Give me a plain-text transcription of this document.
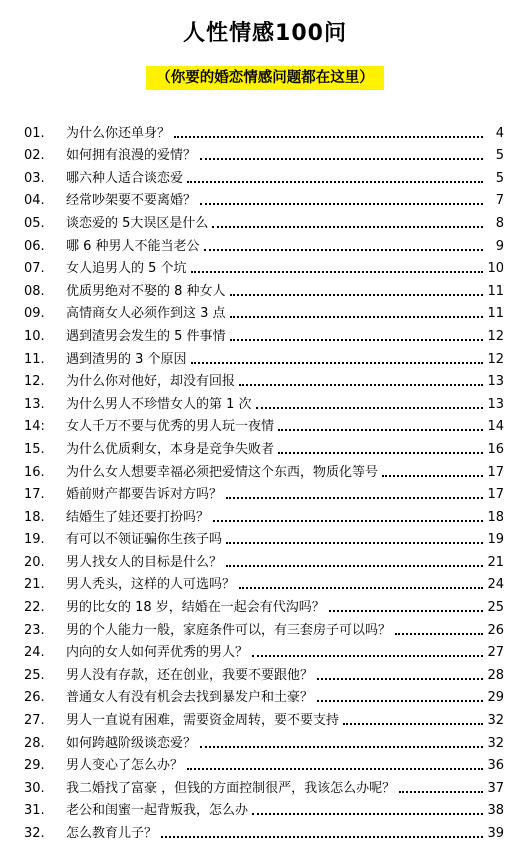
人性情感100问
（你要的婚恋情感问题都在这里）
01.	为什么你还单身？	4
02.	如何拥有浪漫的爱情？	5
03.	哪六种人适合谈恋爱	5
04.	经常吵架要不要离婚？	7
05.	谈恋爱的 5大误区是什么	8
06.	哪 6 种男人不能当老公	9
07.	女人追男人的 5 个坑	10
08.	优质男绝对不娶的 8 种女人	11
09.	高情商女人必须作到这 3 点	11
10.	遇到渣男会发生的 5 件事情	12
11.	遇到渣男的 3 个原因	12
12.	为什么你对他好，却没有回报	13
13.	为什么男人不珍惜女人的第 1 次	13
14:	女人千万不要与优秀的男人玩一夜情	14
15.	为什么优质剩女，本身是竞争失败者	16
16.	为什么女人想要幸福必须把爱情这个东西，物质化等号	17
17.	婚前财产都要告诉对方吗？	17
18.	结婚生了娃还要打扮吗？	18
19.	有可以不领证骗你生孩子吗	19
20.	男人找女人的目标是什么？	21
21.	男人秃头，这样的人可选吗？	24
22.	男的比女的 18 岁，结婚在一起会有代沟吗？	25
23.	男的个人能力一般，家庭条件可以，有三套房子可以吗？	26
24.	内向的女人如何弄优秀的男人？	27
25.	男人没有存款，还在创业，我要不要跟他？	28
26.	普通女人有没有机会去找到暴发户和土豪？	29
27.	男人一直说有困难，需要资金周转，要不要支持	32
28.	如何跨越阶级谈恋爱？	32
29.	男人变心了怎么办？	36
30.	我二婚找了富豪 ，但钱的方面控制很严，我该怎么办呢？	37
31.	老公和闺蜜一起背叛我，怎么办	38
32.	怎么教育儿子？	39
